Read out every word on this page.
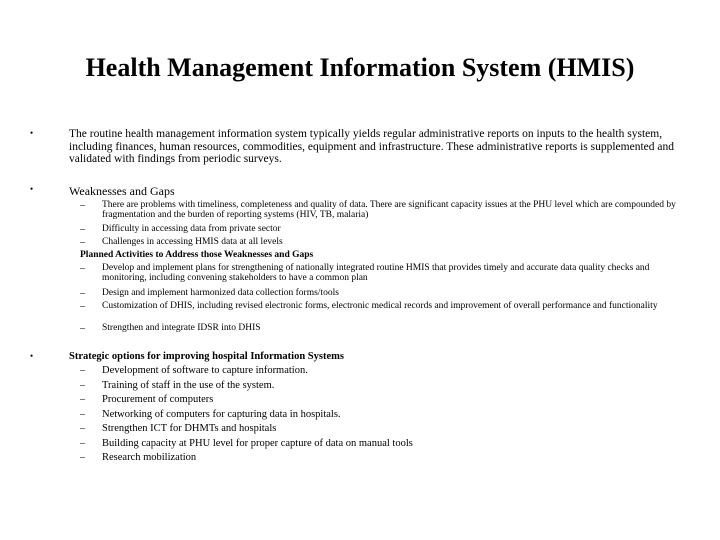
Health Management Information System (HMIS)
•	The routine health management information system typically yields regular administrative reports on inputs to the health system, including finances, human resources, commodities, equipment and infrastructure. These administrative reports is supplemented and validated with findings from periodic surveys.
•	Weaknesses and Gaps
– There are problems with timeliness, completeness and quality of data. There are significant capacity issues at the PHU level which are compounded by fragmentation and the burden of reporting systems (HIV, TB, malaria)
– Difficulty in accessing data from private sector
– Challenges in accessing HMIS data at all levels
Planned Activities to Address those Weaknesses and Gaps
– Develop and implement plans for strengthening of nationally integrated routine HMIS that provides timely and accurate data quality checks and monitoring, including convening stakeholders to have a common plan
– Design and implement harmonized data collection forms/tools
– Customization of DHIS, including revised electronic forms, electronic medical records and improvement of overall performance and functionality
– Strengthen and integrate IDSR into DHIS
•	Strategic options for improving hospital Information Systems
– Development of software to capture information.
– Training of staff in the use of the system.
– Procurement of computers
– Networking of computers for capturing data in hospitals.
– Strengthen ICT for DHMTs and hospitals
– Building capacity at PHU level for proper capture of data on manual tools
– Research mobilization
